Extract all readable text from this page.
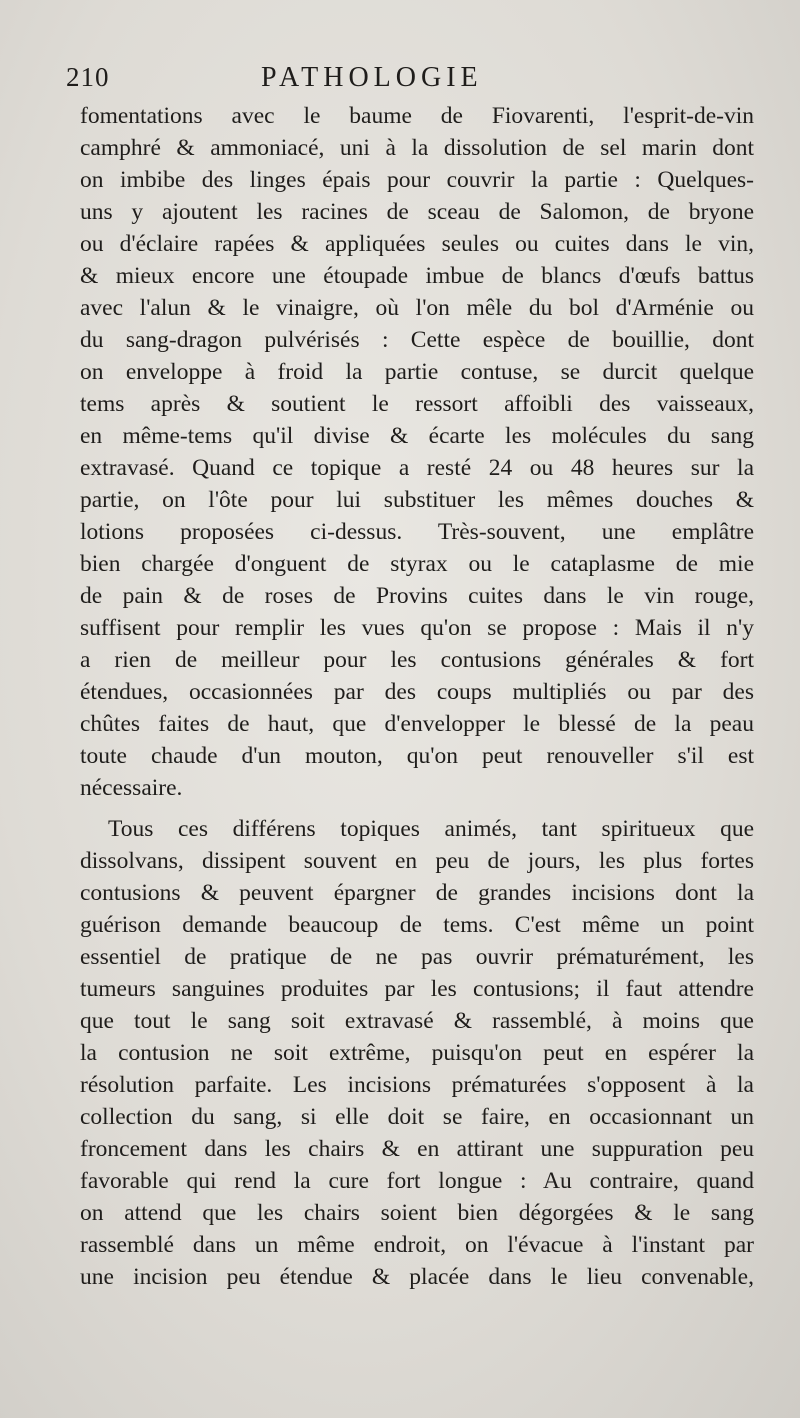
210	PATHOLOGIE
fomentations avec le baume de Fiovarenti, l'esprit-de-vin
camphré & ammoniacé, uni à la dissolution de sel marin dont
on imbibe des linges épais pour couvrir la partie : Quelques-
uns y ajoutent les racines de sceau de Salomon, de bryone
ou d'éclaire rapées & appliquées seules ou cuites dans le vin,
& mieux encore une étoupade imbue de blancs d'œufs battus
avec l'alun & le vinaigre, où l'on mêle du bol d'Arménie ou
du sang-dragon pulvérisés : Cette espèce de bouillie, dont
on enveloppe à froid la partie contuse, se durcit quelque
tems après & soutient le ressort affoibli des vaisseaux,
en même-tems qu'il divise & écarte les molécules du sang
extravasé. Quand ce topique a resté 24 ou 48 heures sur la
partie, on l'ôte pour lui substituer les mêmes douches &
lotions proposées ci-dessus. Très-souvent, une emplâtre
bien chargée d'onguent de styrax ou le cataplasme de mie
de pain & de roses de Provins cuites dans le vin rouge,
suffisent pour remplir les vues qu'on se propose : Mais il n'y
a rien de meilleur pour les contusions générales & fort
étendues, occasionnées par des coups multipliés ou par des
chûtes faites de haut, que d'envelopper le blessé de la peau
toute chaude d'un mouton, qu'on peut renouveller s'il est
nécessaire.
Tous ces différens topiques animés, tant spiritueux que
dissolvans, dissipent souvent en peu de jours, les plus fortes
contusions & peuvent épargner de grandes incisions dont la
guérison demande beaucoup de tems. C'est même un point
essentiel de pratique de ne pas ouvrir prématurément, les
tumeurs sanguines produites par les contusions; il faut attendre
que tout le sang soit extravasé & rassemblé, à moins que
la contusion ne soit extrême, puisqu'on peut en espérer la
résolution parfaite. Les incisions prématurées s'opposent à la
collection du sang, si elle doit se faire, en occasionnant un
froncement dans les chairs & en attirant une suppuration peu
favorable qui rend la cure fort longue : Au contraire, quand
on attend que les chairs soient bien dégorgées & le sang
rassemblé dans un même endroit, on l'évacue à l'instant par
une incision peu étendue & placée dans le lieu convenable,
